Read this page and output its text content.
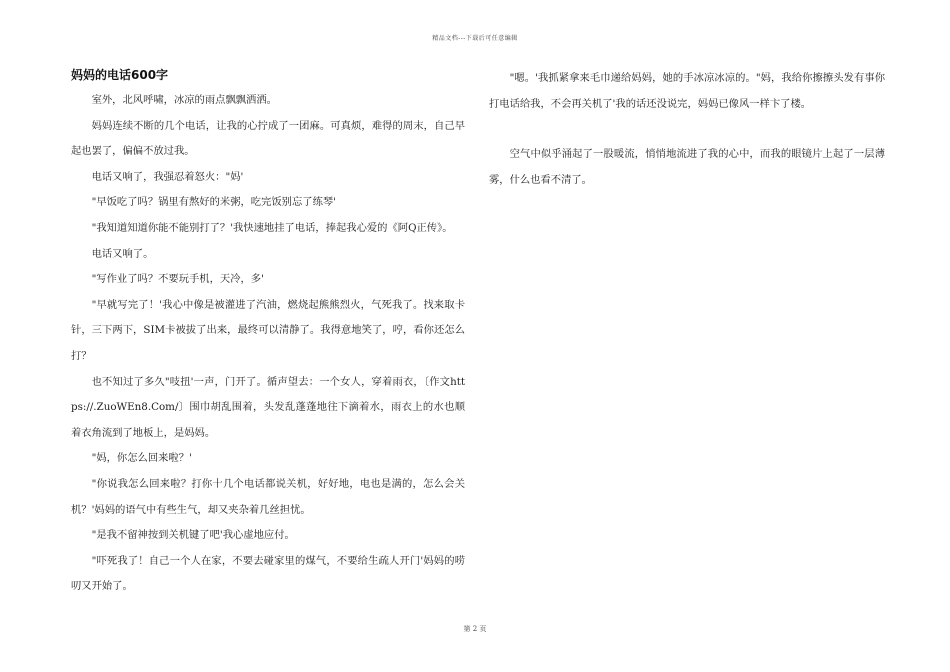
精品文档---下载后可任意编辑
妈妈的电话600字

室外，北风呼啸，冰凉的雨点飘飘洒洒。

妈妈连续不断的几个电话，让我的心拧成了一团麻。可真烦，难得的周末，自己早起也罢了，偏偏不放过我。

电话又响了，我强忍着怒火："妈'

"早饭吃了吗？锅里有熬好的米粥，吃完饭别忘了练琴'

"我知道知道你能不能别打了？'我快速地挂了电话，捧起我心爱的《阿Q正传》。

电话又响了。

"写作业了吗？不要玩手机，天冷，多'

"早就写完了！'我心中像是被灌进了汽油，燃烧起熊熊烈火，气死我了。找来取卡针，三下两下，SIM卡被拔了出来，最终可以清静了。我得意地笑了，哼，看你还怎么打？

也不知过了多久"吱扭'一声，门开了。循声望去：一个女人，穿着雨衣，〔作文https://.ZuoWEn8.Com/〕围巾胡乱围着，头发乱蓬蓬地往下滴着水，雨衣上的水也顺着衣角流到了地板上，是妈妈。

"妈，你怎么回来啦？'

"你说我怎么回来啦？打你十几个电话都说关机，好好地，电也是满的，怎么会关机？'妈妈的语气中有些生气，却又夹杂着几丝担忧。

"是我不留神按到关机键了吧'我心虚地应付。

"吓死我了！自己一个人在家，不要去碰家里的煤气，不要给生疏人开门'妈妈的唠叨又开始了。

"嗯。'我抓紧拿来毛巾递给妈妈，她的手冰凉冰凉的。"妈，我给你擦擦头发有事你打电话给我，不会再关机了'我的话还没说完，妈妈已像风一样卞了楼。

空气中似乎涌起了一股暖流，悄悄地流进了我的心中，而我的眼镜片上起了一层薄雾，什么也看不清了。

第 2 页
